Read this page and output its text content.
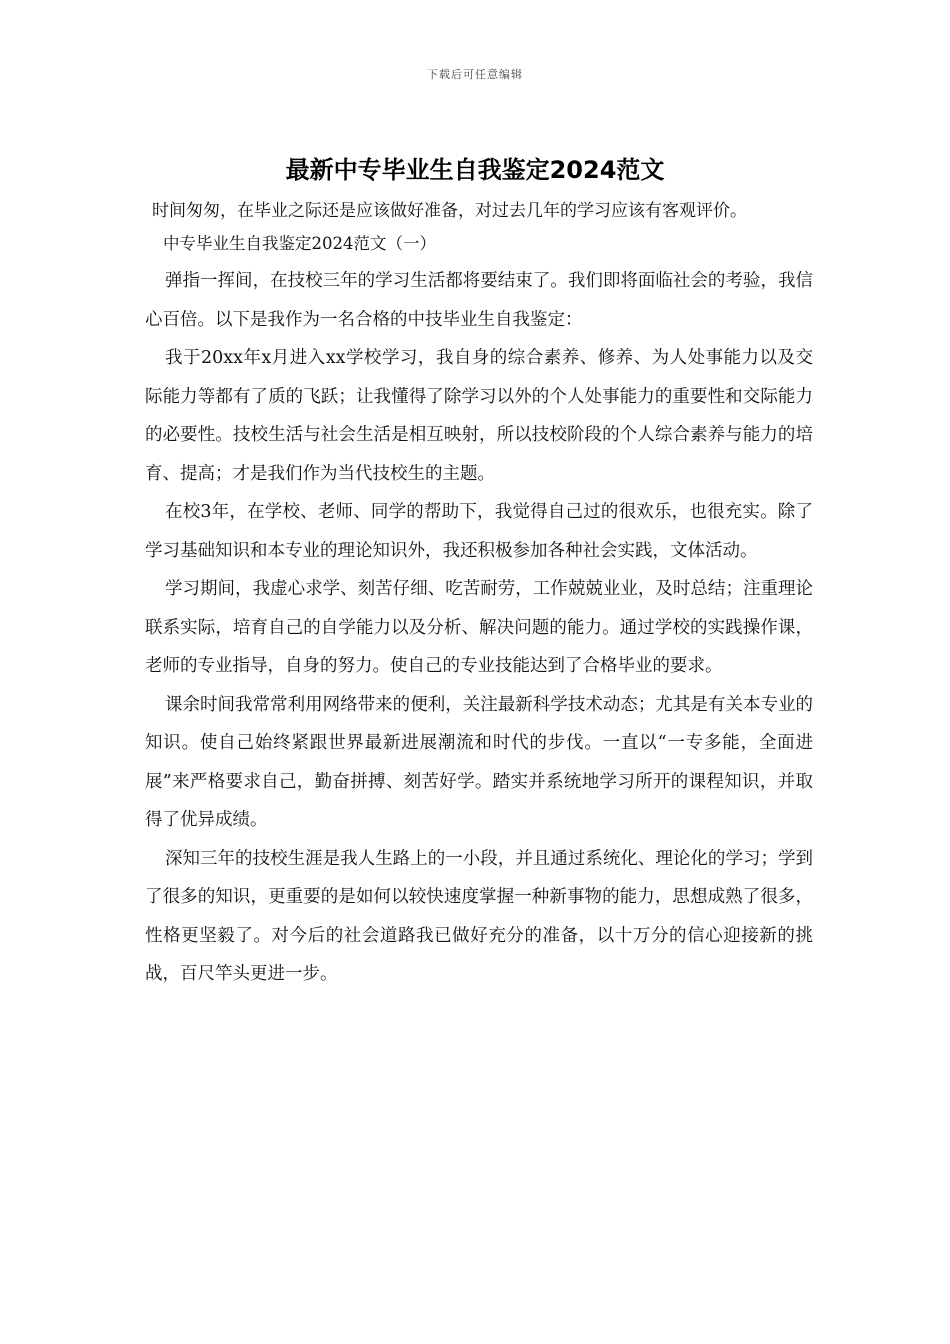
下载后可任意编辑
最新中专毕业生自我鉴定2024范文
时间匆匆，在毕业之际还是应该做好准备，对过去几年的学习应该有客观评价。
中专毕业生自我鉴定2024范文（一）

弹指一挥间，在技校三年的学习生活都将要结束了。我们即将面临社会的考验，我信心百倍。以下是我作为一名合格的中技毕业生自我鉴定：

我于20xx年x月进入xx学校学习，我自身的综合素养、修养、为人处事能力以及交际能力等都有了质的飞跃；让我懂得了除学习以外的个人处事能力的重要性和交际能力的必要性。技校生活与社会生活是相互映射，所以技校阶段的个人综合素养与能力的培育、提高；才是我们作为当代技校生的主题。

在校3年，在学校、老师、同学的帮助下，我觉得自己过的很欢乐，也很充实。除了学习基础知识和本专业的理论知识外，我还积极参加各种社会实践，文体活动。

学习期间，我虚心求学、刻苦仔细、吃苦耐劳，工作兢兢业业，及时总结；注重理论联系实际，培育自己的自学能力以及分析、解决问题的能力。通过学校的实践操作课，老师的专业指导，自身的努力。使自己的专业技能达到了合格毕业的要求。

课余时间我常常利用网络带来的便利，关注最新科学技术动态；尤其是有关本专业的知识。使自己始终紧跟世界最新进展潮流和时代的步伐。一直以“一专多能，全面进展”来严格要求自己，勤奋拼搏、刻苦好学。踏实并系统地学习所开的课程知识，并取得了优异成绩。

深知三年的技校生涯是我人生路上的一小段，并且通过系统化、理论化的学习；学到了很多的知识，更重要的是如何以较快速度掌握一种新事物的能力，思想成熟了很多，性格更坚毅了。对今后的社会道路我已做好充分的准备，以十万分的信心迎接新的挑战，百尺竿头更进一步。
